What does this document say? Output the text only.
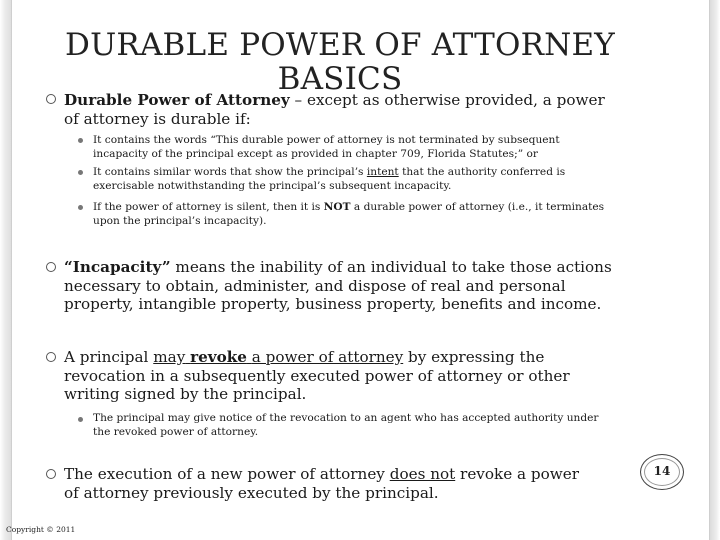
Durable Power of Attorney – except as otherwise provided, a power of attorney is durable if:
It contains the words “This durable power of attorney is not terminated by subsequent incapacity of the principal except as provided in chapter 709, Florida Statutes;” or
It contains similar words that show the principal’s intent that the authority conferred is exercisable notwithstanding the principal’s subsequent incapacity.
If the power of attorney is silent, then it is NOT a durable power of attorney (i.e., it terminates upon the principal’s incapacity).
“Incapacity” means the inability of an individual to take those actions necessary to obtain, administer, and dispose of real and personal property, intangible property, business property, benefits and income.
A principal may revoke a power of attorney by expressing the revocation in a subsequently executed power of attorney or other writing signed by the principal.
The principal may give notice of the revocation to an agent who has accepted authority under the revoked power of attorney.
The execution of a new power of attorney does not revoke a power of attorney previously executed by the principal.
DURABLE POWER OF ATTORNEY BASICS
14
Copyright © 2011
